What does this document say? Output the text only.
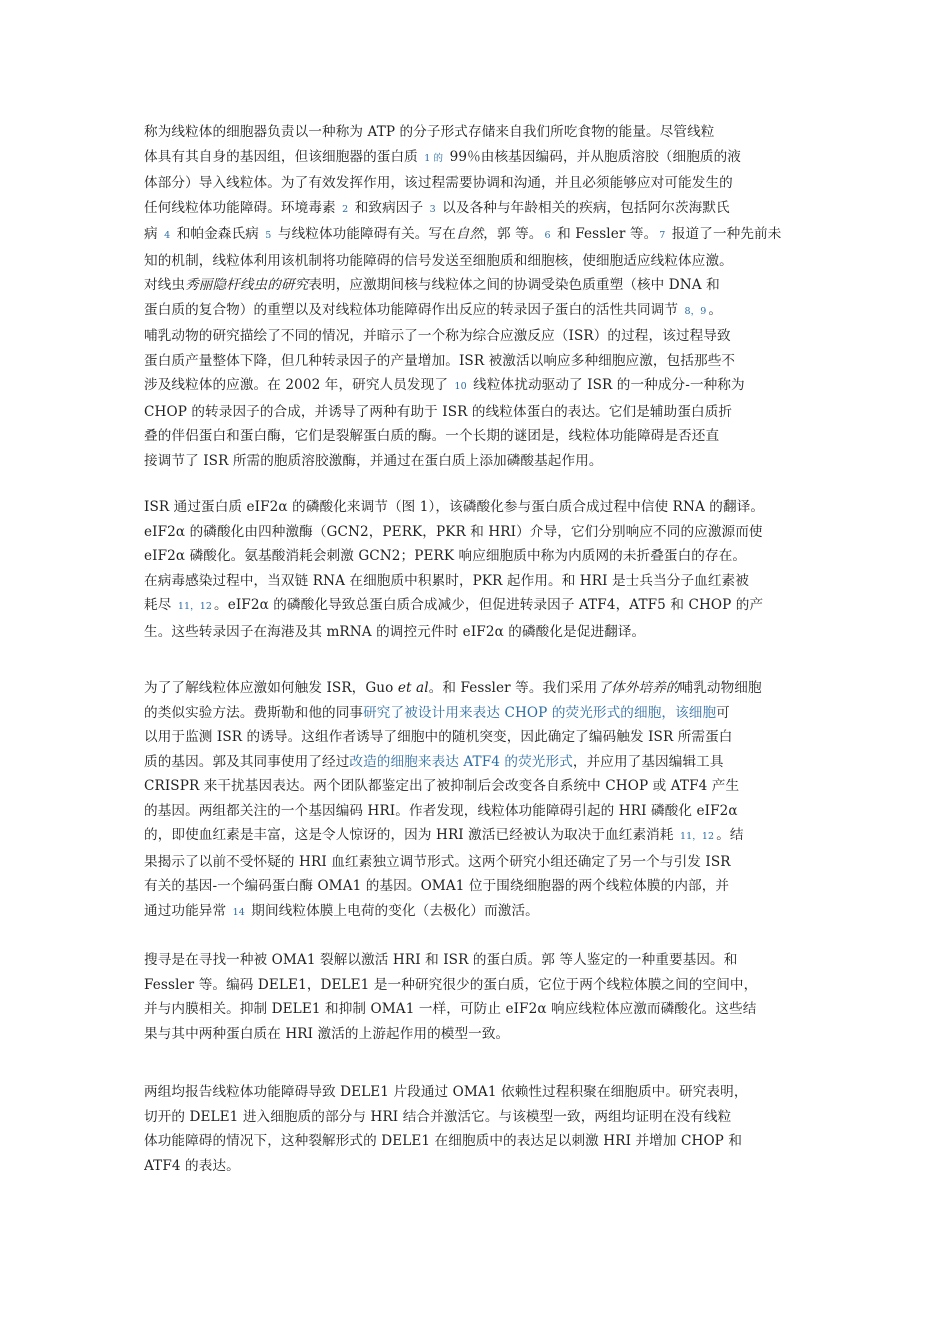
称为线粒体的细胞器负责以一种称为 ATP 的分子形式存储来自我们所吃食物的能量。尽管线粒
体具有其自身的基因组，但该细胞器的蛋白质 1 的 99％由核基因编码，并从胞质溶胶（细胞质的液
体部分）导入线粒体。为了有效发挥作用，该过程需要协调和沟通，并且必须能够应对可能发生的
任何线粒体功能障碍。环境毒素 2 和致病因子 3 以及各种与年龄相关的疾病，包括阿尔茨海默氏
病 4 和帕金森氏病 5 与线粒体功能障碍有关。写在自然，郭 等。 6 和 Fessler 等。 7 报道了一种先前未
知的机制，线粒体利用该机制将功能障碍的信号发送至细胞质和细胞核，使细胞适应线粒体应激。
对线虫秀丽隐杆线虫的研究表明，应激期间核与线粒体之间的协调受染色质重塑（核中 DNA 和
蛋白质的复合物）的重塑以及对线粒体功能障碍作出反应的转录因子蛋白的活性共同调节 8，9 。
哺乳动物的研究描绘了不同的情况，并暗示了一个称为综合应激反应（ISR）的过程，该过程导致
蛋白质产量整体下降，但几种转录因子的产量增加。ISR 被激活以响应多种细胞应激，包括那些不
涉及线粒体的应激。在 2002 年，研究人员发现了 10 线粒体扰动驱动了 ISR 的一种成分-一种称为
CHOP 的转录因子的合成，并诱导了两种有助于 ISR 的线粒体蛋白的表达。它们是辅助蛋白质折
叠的伴侣蛋白和蛋白酶，它们是裂解蛋白质的酶。一个长期的谜团是，线粒体功能障碍是否还直
接调节了 ISR 所需的胞质溶胶激酶，并通过在蛋白质上添加磷酸基起作用。
ISR 通过蛋白质 eIF2α 的磷酸化来调节（图 1），该磷酸化参与蛋白质合成过程中信使 RNA 的翻译。
eIF2α 的磷酸化由四种激酶（GCN2，PERK，PKR 和 HRI）介导，它们分别响应不同的应激源而使
eIF2α 磷酸化。氨基酸消耗会刺激 GCN2；PERK 响应细胞质中称为内质网的未折叠蛋白的存在。
在病毒感染过程中，当双链 RNA 在细胞质中积累时，PKR 起作用。和 HRI 是士兵当分子血红素被
耗尽 11，12 。eIF2α 的磷酸化导致总蛋白质合成减少，但促进转录因子 ATF4，ATF5 和 CHOP 的产
生。这些转录因子在海港及其 mRNA 的调控元件时 eIF2α 的磷酸化是促进翻译。
为了了解线粒体应激如何触发 ISR，Guo et al。和 Fessler 等。我们采用了体外培养的哺乳动物细胞
的类似实验方法。费斯勒和他的同事研究了被设计用来表达 CHOP 的荧光形式的细胞，该细胞可
以用于监测 ISR 的诱导。这组作者诱导了细胞中的随机突变，因此确定了编码触发 ISR 所需蛋白
质的基因。郭及其同事使用了经过改造的细胞来表达 ATF4 的荧光形式，并应用了基因编辑工具
CRISPR 来干扰基因表达。两个团队都鉴定出了被抑制后会改变各自系统中 CHOP 或 ATF4 产生
的基因。两组都关注的一个基因编码 HRI。作者发现，线粒体功能障碍引起的 HRI 磷酸化 eIF2α
的，即使血红素是丰富，这是令人惊讶的，因为 HRI 激活已经被认为取决于血红素消耗 11，12 。结
果揭示了以前不受怀疑的 HRI 血红素独立调节形式。这两个研究小组还确定了另一个与引发 ISR
有关的基因-一个编码蛋白酶 OMA1 的基因。OMA1 位于围绕细胞器的两个线粒体膜的内部，并
通过功能异常 14 期间线粒体膜上电荷的变化（去极化）而激活。
搜寻是在寻找一种被 OMA1 裂解以激活 HRI 和 ISR 的蛋白质。郭 等人鉴定的一种重要基因。和
Fessler 等。编码 DELE1，DELE1 是一种研究很少的蛋白质，它位于两个线粒体膜之间的空间中，
并与内膜相关。抑制 DELE1 和抑制 OMA1 一样，可防止 eIF2α 响应线粒体应激而磷酸化。这些结
果与其中两种蛋白质在 HRI 激活的上游起作用的模型一致。
两组均报告线粒体功能障碍导致 DELE1 片段通过 OMA1 依赖性过程积聚在细胞质中。研究表明，
切开的 DELE1 进入细胞质的部分与 HRI 结合并激活它。与该模型一致，两组均证明在没有线粒
体功能障碍的情况下，这种裂解形式的 DELE1 在细胞质中的表达足以刺激 HRI 并增加 CHOP 和
ATF4 的表达。
